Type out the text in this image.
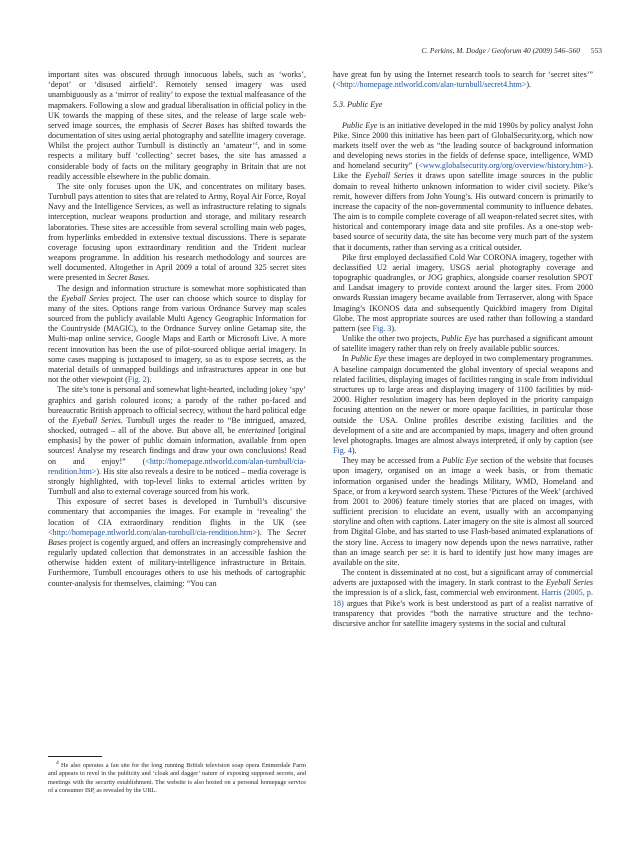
C. Perkins, M. Dodge / Geoforum 40 (2009) 546–560 553

important sites was obscured through innocuous labels, such as ‘works’, ‘depot’ or ‘disused airfield’. Remotely sensed imagery was used unambiguously as a ‘mirror of reality’ to expose the textual malfeasance of the mapmakers. Following a slow and gradual liberalisation in official policy in the UK towards the mapping of these sites, and the release of large scale web-served image sources, the emphasis of Secret Bases has shifted towards the documentation of sites using aerial photography and satellite imagery coverage. Whilst the project author Turnbull is distinctly an ‘amateur’$^4$, and in some respects a military buff ‘collecting’ secret bases, the site has amassed a considerable body of facts on the military geography in Britain that are not readily accessible elsewhere in the public domain.

The site only focuses upon the UK, and concentrates on military bases. Turnbull pays attention to sites that are related to Army, Royal Air Force, Royal Navy and the Intelligence Services, as well as infrastructure relating to signals interception, nuclear weapons production and storage, and military research laboratories. These sites are accessible from several scrolling main web pages, from hyperlinks embedded in extensive textual discussions. There is separate coverage focusing upon extraordinary rendition and the Trident nuclear weapons programme. In addition his research methodology and sources are well documented. Altogether in April 2009 a total of around 325 secret sites were presented in Secret Bases.

The design and information structure is somewhat more sophisticated than the Eyeball Series project. The user can choose which source to display for many of the sites. Options range from various Ordnance Survey map scales sourced from the publicly available Multi Agency Geographic Information for the Countryside (MAGIC), to the Ordnance Survey online Getamap site, the Multi-map online service, Google Maps and Earth or Microsoft Live. A more recent innovation has been the use of pilot-sourced oblique aerial imagery. In some cases mapping is juxtaposed to imagery, so as to expose secrets, as the material details of unmapped buildings and infrastructures appear in one but not the other viewpoint (Fig. 2).

The site’s tone is personal and somewhat light-hearted, including jokey ‘spy’ graphics and garish coloured icons; a parody of the rather po-faced and bureaucratic British approach to official secrecy, without the hard political edge of the Eyeball Series. Turnbull urges the reader to “Be intrigued, amazed, shocked, outraged – all of the above. But above all, be entertained [original emphasis] by the power of public domain information, available from open sources! Analyse my research findings and draw your own conclusions! Read on and enjoy!” (<http://homepage.ntlworld.com/alan-turnbull/cia-rendition.htm>). His site also reveals a desire to be noticed – media coverage is strongly highlighted, with top-level links to external articles written by Turnbull and also to external coverage sourced from his work.

This exposure of secret bases is developed in Turnbull’s discursive commentary that accompanies the images. For example in ‘revealing’ the location of CIA extraordinary rendition flights in the UK (see <http://homepage.ntlworld.com/alan-turnbull/cia-rendition.htm>). The Secret Bases project is cogently argued, and offers an increasingly comprehensive and regularly updated collection that demonstrates in an accessible fashion the otherwise hidden extent of military-intelligence infrastructure in Britain. Furthermore, Turnbull encourages others to use his methods of cartographic counter-analysis for themselves, claiming: “You can

$^4$ He also operates a fan site for the long running British television soap opera Emmerdale Farm and appears to revel in the publicity and ‘cloak and dagger’ nature of exposing supposed secrets, and meetings with the security establishment. The website is also hosted on a personal homepage service of a consumer ISP, as revealed by the URL.

have great fun by using the Internet research tools to search for ‘secret sites’” (<http://homepage.ntlworld.com/alan-turnbull/secret4.htm>).

5.3. Public Eye

Public Eye is an initiative developed in the mid 1990s by policy analyst John Pike. Since 2000 this initiative has been part of GlobalSecurity.org, which now markets itself over the web as “the leading source of background information and developing news stories in the fields of defense space, intelligence, WMD and homeland security” (<www.globalsecurity.org/org/overview/history.htm>). Like the Eyeball Series it draws upon satellite image sources in the public domain to reveal hitherto unknown information to wider civil society. Pike’s remit, however differs from John Young’s. His outward concern is primarily to increase the capacity of the non-governmental community to influence debates. The aim is to compile complete coverage of all weapon-related secret sites, with historical and contemporary image data and site profiles. As a one-stop web-based source of security data, the site has become very much part of the system that it documents, rather than serving as a critical outsider.

Pike first employed declassified Cold War CORONA imagery, together with declassified U2 aerial imagery, USGS aerial photography coverage and topographic quadrangles, or JOG graphics, alongside coarser resolution SPOT and Landsat imagery to provide context around the larger sites. From 2000 onwards Russian imagery became available from Terraserver, along with Space Imaging’s IKONOS data and subsequently Quickbird imagery from Digital Globe. The most appropriate sources are used rather than following a standard pattern (see Fig. 3).

Unlike the other two projects, Public Eye has purchased a significant amount of satellite imagery rather than rely on freely available public sources.

In Public Eye these images are deployed in two complementary programmes. A baseline campaign documented the global inventory of special weapons and related facilities, displaying images of facilities ranging in scale from individual structures up to large areas and displaying imagery of 1100 facilities by mid-2000. Higher resolution imagery has been deployed in the priority campaign focusing attention on the newer or more opaque facilities, in particular those outside the USA. Online profiles describe existing facilities and the development of a site and are accompanied by maps, imagery and often ground level photographs. Images are almost always interpreted, if only by caption (see Fig. 4).

They may be accessed from a Public Eye section of the website that focuses upon imagery, organised on an image a week basis, or from thematic information organised under the headings Military, WMD, Homeland and Space, or from a keyword search system. These ‘Pictures of the Week’ (archived from 2001 to 2006) feature timely stories that are placed on images, with sufficient precision to elucidate an event, usually with an accompanying storyline and often with captions. Later imagery on the site is almost all sourced from Digital Globe, and has started to use Flash-based animated explanations of the story line. Access to imagery now depends upon the news narrative, rather than an image search per se: it is hard to identify just how many images are available on the site.

The content is disseminated at no cost, but a significant array of commercial adverts are juxtaposed with the imagery. In stark contrast to the Eyeball Series the impression is of a slick, fast, commercial web environment. Harris (2005, p. 18) argues that Pike’s work is best understood as part of a realist narrative of transparency that provides “both the narrative structure and the techno-discursive anchor for satellite imagery systems in the social and cultural
